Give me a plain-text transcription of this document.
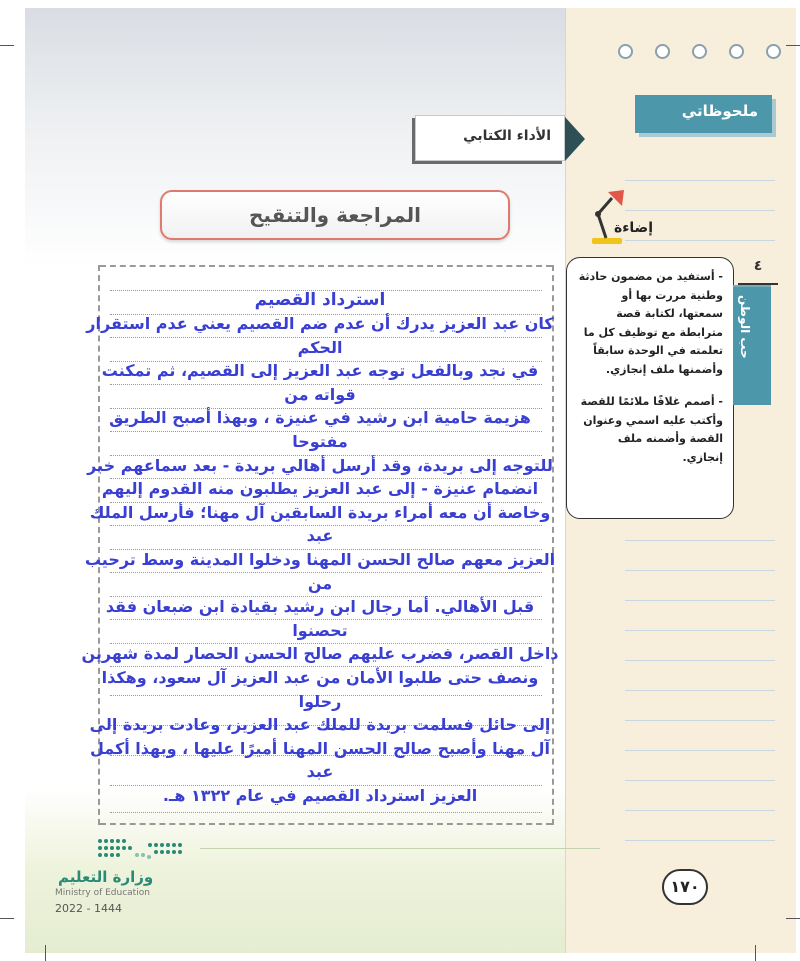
ملحوظاتي
الأداء الكتابي
المراجعة والتنقيح
استرداد القصيم

كان عبد العزيز يدرك أن عدم ضم القصيم يعني عدم استقرار الحكم

في نجد وبالفعل توجه عبد العزيز إلى القصيم، ثم تمكنت قواته من

هزيمة حامية ابن رشيد في عنيزة ، وبهذا أصبح الطريق مفتوحا

للتوجه إلى بريدة، وقد أرسل أهالي بريدة - بعد سماعهم خبر

انضمام عنيزة - إلى عبد العزيز يطلبون منه القدوم إليهم

وخاصة أن معه أمراء بريدة السابقين آل مهنا؛ فأرسل الملك عبد

العزيز معهم صالح الحسن المهنا ودخلوا المدينة وسط ترحيب من

قبل الأهالي. أما رجال ابن رشيد بقيادة ابن ضبعان فقد تحصنوا

داخل القصر، فضرب عليهم صالح الحسن الحصار لمدة شهرين

ونصف حتى طلبوا الأمان من عبد العزيز آل سعود، وهكذا رحلوا

إلى حائل فسلمت بريدة للملك عبد العزيز، وعادت بريدة إلى

آل مهنا وأصبح صالح الحسن المهنا أميرًا عليها ، وبهذا أكمل عبد

العزيز استرداد القصيم في عام ١٣٢٢ هـ.

إضاءة

- أستفيد من مضمون حادثة وطنية مررت بها أو سمعتها، لكتابة قصة مترابطة مع توظيف كل ما تعلمته في الوحدة سابقاً وأضمنها ملف إنجازي.

- أصمم غلافًا ملائمًا للقصة وأكتب عليه اسمي وعنوان القصة وأضمنه ملف إنجازي.

٤
حب الوطن
وزارة التعليم
Ministry of Education
2022 - 1444
١٧٠
